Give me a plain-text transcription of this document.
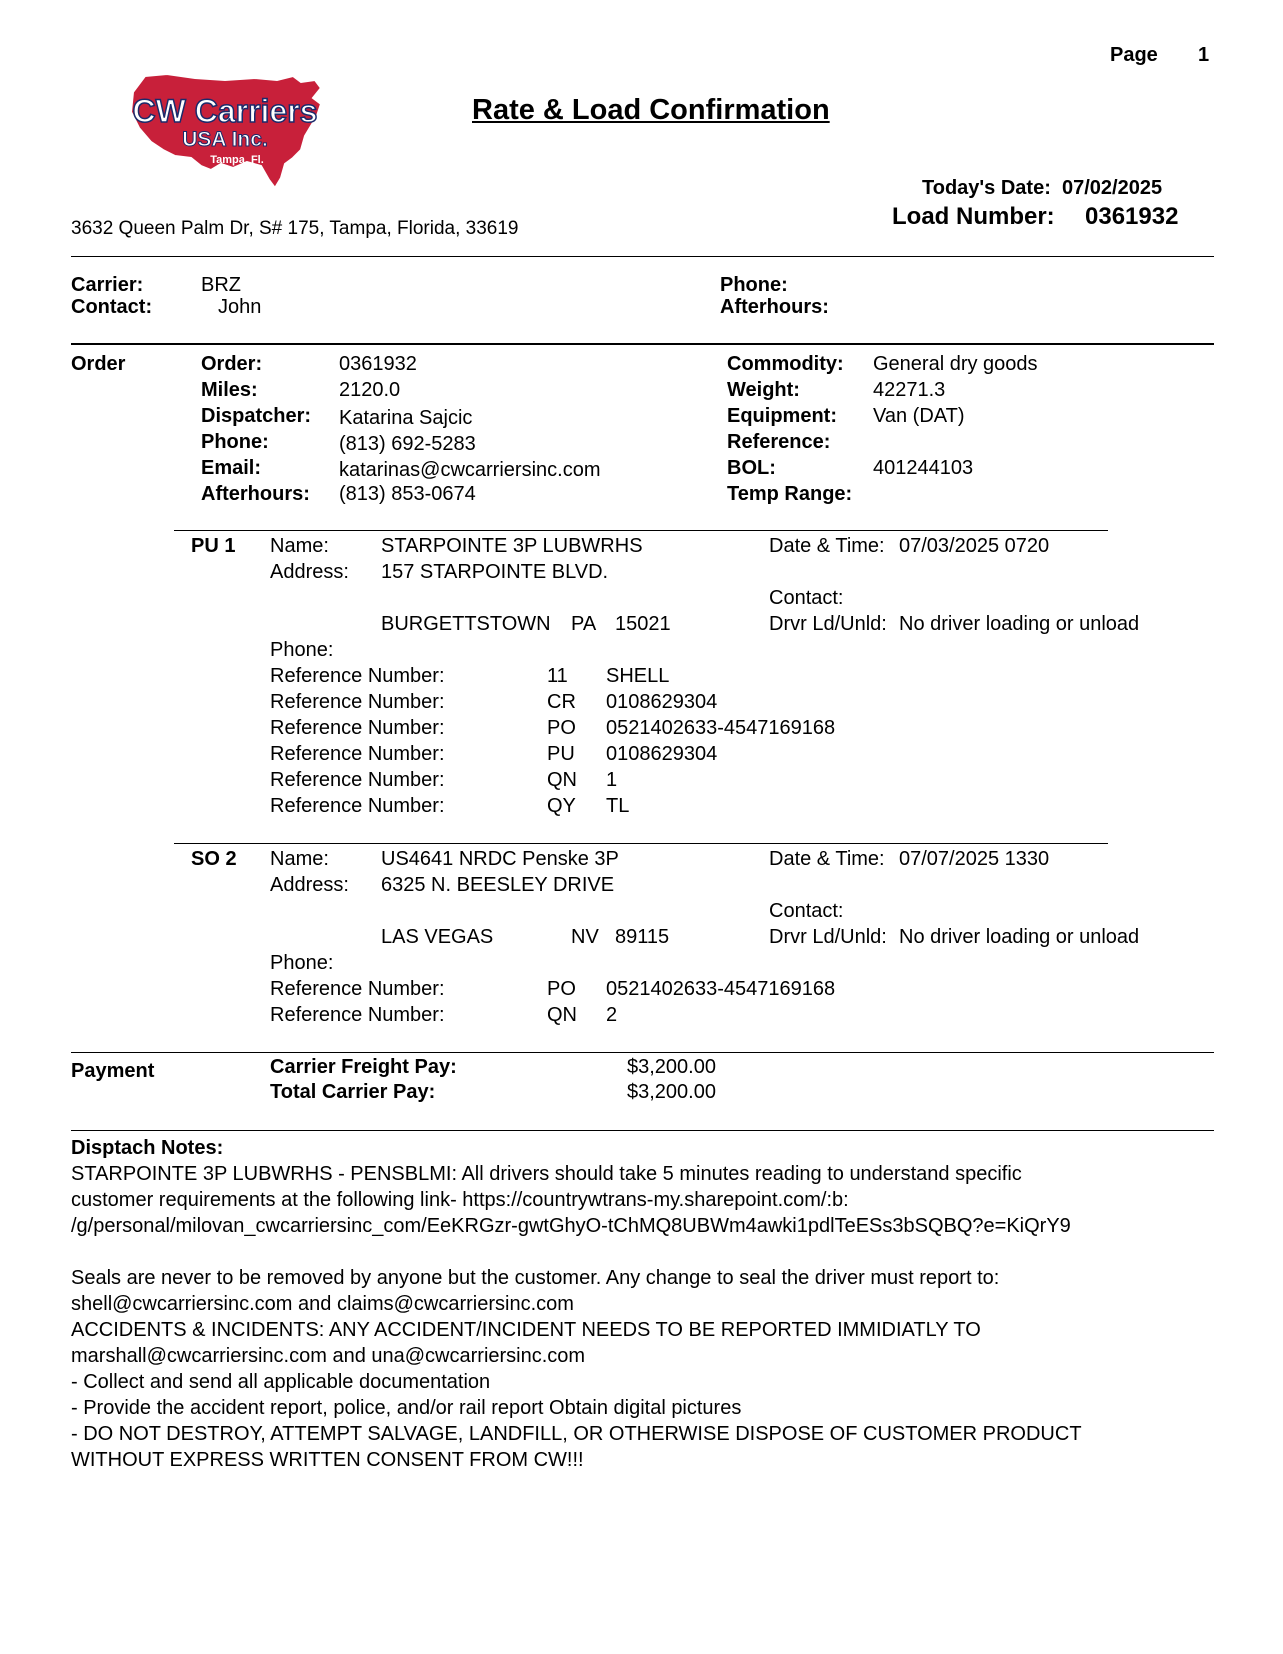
Page 1
CW Carriers
USA Inc.
Tampa, Fl.
Rate & Load Confirmation
Today's Date: 07/02/2025
Load Number: 0361932
3632 Queen Palm Dr, S# 175, Tampa, Florida, 33619
Carrier:	BRZ
Contact:	John
Phone:
Afterhours:
Order	Order:	0361932
Miles:	2120.0
Dispatcher: Katarina Sajcic
Phone:	(813) 692-5283
Email:	katarinas@cwcarriersinc.com
Afterhours: (813) 853-0674
Commodity: General dry goods
Weight:	42271.3
Equipment: Van (DAT)
Reference:
BOL:	401244103
Temp Range:
PU 1 Name:	STARPOINTE 3P LUBWRHS
Address: 157 STARPOINTE BLVD.
BURGETTSTOWN PA 15021
Phone:
Date & Time: 07/03/2025 0720
Contact:
Drvr Ld/Unld: No driver loading or unload
Reference Number:	11 SHELL
Reference Number:	CR 0108629304
Reference Number:	PO 0521402633-4547169168
Reference Number:	PU 0108629304
Reference Number:	QN 1
Reference Number:	QY TL
SO 2 Name:	US4641 NRDC Penske 3P
Address: 6325 N. BEESLEY DRIVE
LAS VEGAS	NV 89115
Phone:
Date & Time: 07/07/2025 1330
Contact:
Drvr Ld/Unld: No driver loading or unload
Reference Number:	PO 0521402633-4547169168
Reference Number:	QN 2
Payment	Carrier Freight Pay:	$3,200.00
Total Carrier Pay:	$3,200.00

Disptach Notes:

STARPOINTE 3P LUBWRHS - PENSBLMI: All drivers should take 5 minutes reading to understand specific

customer requirements at the following link- https://countrywtrans-my.sharepoint.com/:b:

/g/personal/milovan_cwcarriersinc_com/EeKRGzr-gwtGhyO-tChMQ8UBWm4awki1pdlTeESs3bSQBQ?e=KiQrY9

Seals are never to be removed by anyone but the customer. Any change to seal the driver must report to:

shell@cwcarriersinc.com and claims@cwcarriersinc.com

ACCIDENTS & INCIDENTS: ANY ACCIDENT/INCIDENT NEEDS TO BE REPORTED IMMIDIATLY TO

marshall@cwcarriersinc.com and una@cwcarriersinc.com

- Collect and send all applicable documentation

- Provide the accident report, police, and/or rail report Obtain digital pictures

- DO NOT DESTROY, ATTEMPT SALVAGE, LANDFILL, OR OTHERWISE DISPOSE OF CUSTOMER PRODUCT

WITHOUT EXPRESS WRITTEN CONSENT FROM CW!!!
